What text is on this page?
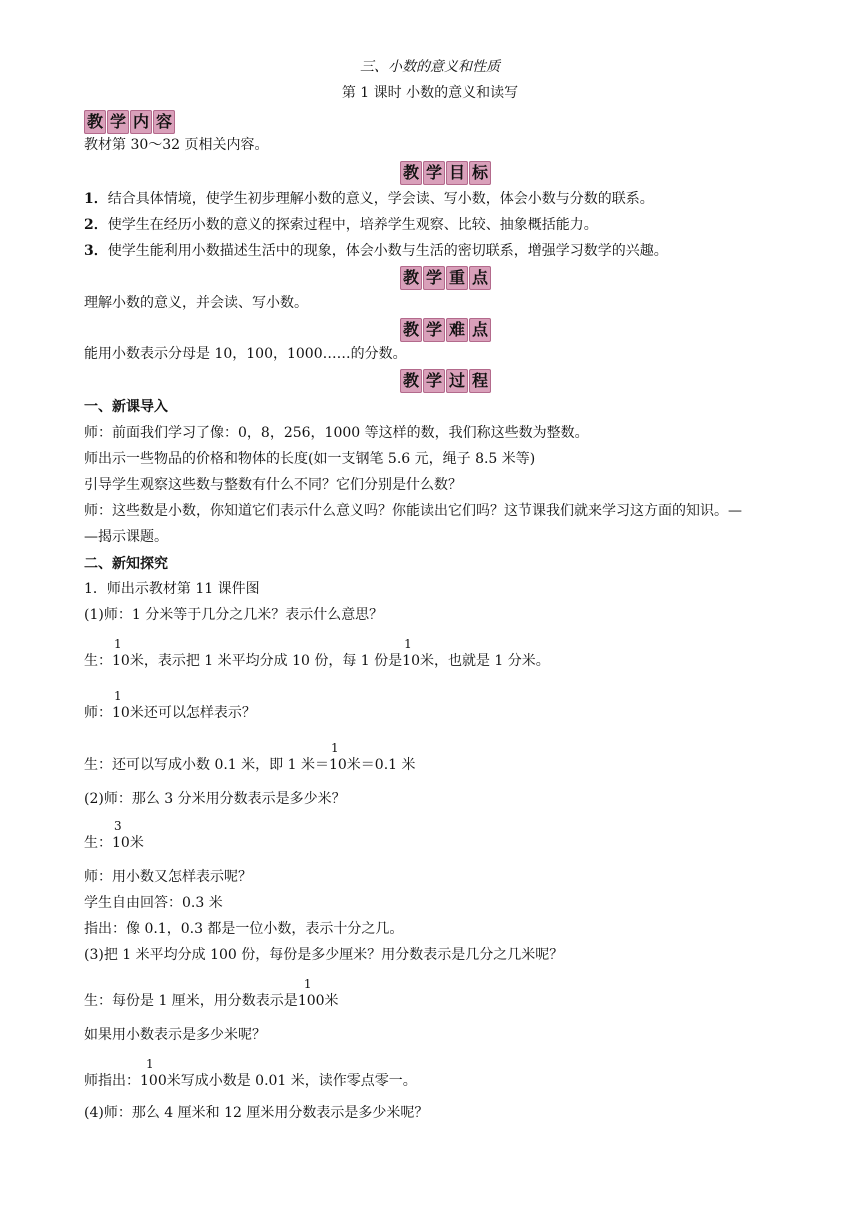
三、小数的意义和性质
第 1 课时 小数的意义和读写
教 学 内 容
教材第 30～32 页相关内容。
教 学 目 标
1．结合具体情境，使学生初步理解小数的意义，学会读、写小数，体会小数与分数的联系。
2．使学生在经历小数的意义的探索过程中，培养学生观察、比较、抽象概括能力。
3．使学生能利用小数描述生活中的现象，体会小数与生活的密切联系，增强学习数学的兴趣。
教 学 重 点
理解小数的意义，并会读、写小数。
教 学 难 点
能用小数表示分母是 10，100，1000……的分数。
教 学 过 程
一、新课导入
师：前面我们学习了像：0，8，256，1000 等这样的数，我们称这些数为整数。
师出示一些物品的价格和物体的长度(如一支钢笔 5.6 元，绳子 8.5 米等)
引导学生观察这些数与整数有什么不同？它们分别是什么数？
师：这些数是小数，你知道它们表示什么意义吗？你能读出它们吗？这节课我们就来学习这方面的知识。—
—揭示课题。
二、新知探究
1．师出示教材第 11 课件图
(1)师：1 分米等于几分之几米？表示什么意思？
生：
1
10米，表示把 1 米平均分成 10 份，每 1 份是
1
10米，也就是 1 分米。
师：
1
10米还可以怎样表示？
生：还可以写成小数 0.1 米，即 1 米＝
1
10米＝0.1 米
(2)师：那么 3 分米用分数表示是多少米？
生：
3
10米
师：用小数又怎样表示呢？
学生自由回答：0.3 米
指出：像 0.1，0.3 都是一位小数，表示十分之几。
(3)把 1 米平均分成 100 份，每份是多少厘米？用分数表示是几分之几米呢？
生：每份是 1 厘米，用分数表示是
1
100米
如果用小数表示是多少米呢？
师指出：
1
100米写成小数是 0.01 米，读作零点零一。
(4)师：那么 4 厘米和 12 厘米用分数表示是多少米呢？
